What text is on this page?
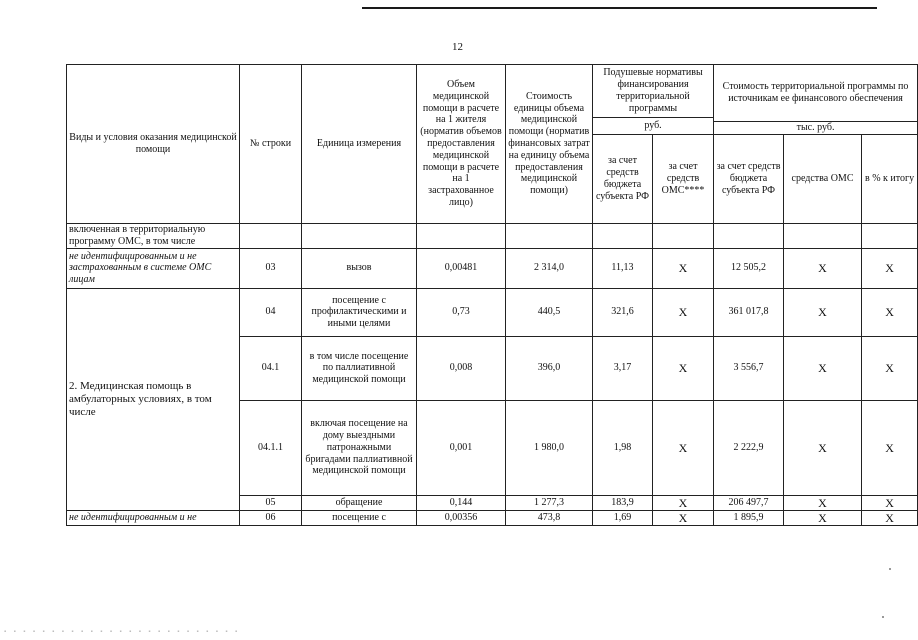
12
Виды и условия оказания медицинской помощи	№ строки	Единица измерения	Объем медицинской помощи в расчете на 1 жителя (норматив объемов предоставления медицинской помощи в расчете на 1 застрахованное лицо)	Стоимость единицы объема медицинской помощи (норматив финансовых затрат на единицу объема предоставления медицинской помощи)	Подушевые нормативы финансирования территориальной программы		Стоимость территориальной программы по источникам ее финансового обеспечения		
					руб.				
							тыс. руб.		
					за счет средств бюджета субъекта РФ	за счет средств ОМС****	за счет средств бюджета субъекта РФ	средства ОМС	в % к итогу
включенная в территориальную программу ОМС, в том числе									
не идентифицированным и не застрахованным в системе ОМС лицам	03	вызов	0,00481	2 314,0	11,13	X	12 505,2	X	X
2. Медицинская помощь в амбулаторных условиях, в том числе	04	посещение с профилактическими и иными целями	0,73	440,5	321,6	X	361 017,8	X	X
	04.1	в том числе посещение по паллиативной медицинской помощи	0,008	396,0	3,17	X	3 556,7	X	X
	04.1.1	включая посещение на дому выездными патронажными бригадами паллиативной медицинской помощи	0,001	1 980,0	1,98	X	2 222,9	X	X
	05	обращение	0,144	1 277,3	183,9	X	206 497,7	X	X
не идентифицированным и не	06	посещение с	0,00356	473,8	1,69	X	1 895,9	X	X
▪ ▪ ▪ ▪ ▪ ▪ ▪ ▪ ▪ ▪ ▪ ▪ ▪ ▪ ▪ ▪ ▪ ▪ ▪ ▪ ▪ ▪ ▪ ▪ ▪
